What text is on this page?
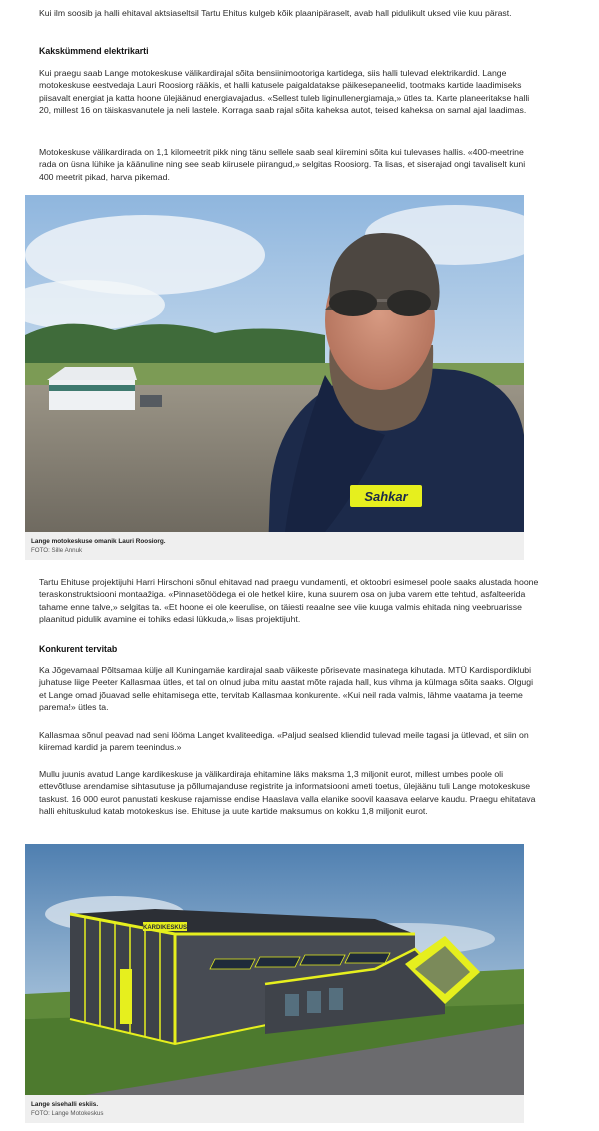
Kui ilm soosib ja halli ehitaval aktsiaseltsil Tartu Ehitus kulgeb kõik plaanipäraselt, avab hall pidulikult uksed viie kuu pärast.

Kakskümmend elektrikarti

Kui praegu saab Lange motokeskuse välikardirajal sõita bensiinimootoriga kartidega, siis halli tulevad elektrikardid. Lange motokeskuse eestvedaja Lauri Roosiorg rääkis, et halli katusele paigaldatakse päikesepaneelid, tootmaks kartide laadimiseks piisavalt energiat ja katta hoone ülejäänud energiavajadus. «Sellest tuleb liginullenergiamaja,» ütles ta. Karte planeeritakse halli 20, millest 16 on täiskasvanutele ja neli lastele. Korraga saab rajal sõita kaheksa autot, teised kaheksa on samal ajal laadimas.

Motokeskuse välikardirada on 1,1 kilomeetrit pikk ning tänu sellele saab seal kiiremini sõita kui tulevases hallis. «400-meetrine rada on üsna lühike ja käänuline ning see seab kiirusele piirangud,» selgitas Roosiorg. Ta lisas, et siserajad ongi tavaliselt kuni 400 meetrit pikad, harva pikemad.

Sahkar
Lange motokeskuse omanik Lauri Roosiorg.
FOTO: Sille Annuk

Tartu Ehituse projektijuhi Harri Hirschoni sõnul ehitavad nad praegu vundamenti, et oktoobri esimesel poole saaks alustada hoone teraskonstruktsiooni montaažiga. «Pinnasetöödega ei ole hetkel kiire, kuna suurem osa on juba varem ette tehtud, asfalteerida tahame enne talve,» selgitas ta. «Et hoone ei ole keerulise, on täiesti reaalne see viie kuuga valmis ehitada ning veebruarisse plaanitud pidulik avamine ei tohiks edasi lükkuda,» lisas projektijuht.

Konkurent tervitab

Ka Jõgevamaal Põltsamaa külje all Kuningamäe kardirajal saab väikeste põrisevate masinatega kihutada. MTÜ Kardispordiklubi juhatuse liige Peeter Kallasmaa ütles, et tal on olnud juba mitu aastat mõte rajada hall, kus vihma ja külmaga sõita saaks. Olgugi et Lange omad jõuavad selle ehitamisega ette, tervitab Kallasmaa konkurente. «Kui neil rada valmis, lähme vaatama ja teeme parema!» ütles ta.

Kallasmaa sõnul peavad nad seni lööma Langet kvaliteediga. «Paljud sealsed kliendid tulevad meile tagasi ja ütlevad, et siin on kiiremad kardid ja parem teenindus.»

Mullu juunis avatud Lange kardikeskuse ja välikardiraja ehitamine läks maksma 1,3 miljonit eurot, millest umbes poole oli ettevõtluse arendamise sihtasutuse ja põllumajanduse registrite ja informatsiooni ameti toetus, ülejäänu tuli Lange motokeskuse taskust. 16 000 eurot panustati keskuse rajamisse endise Haaslava valla elanike soovil kaasava eelarve kaudu. Praegu ehitatava halli ehituskulud katab motokeskus ise. Ehituse ja uute kartide maksumus on kokku 1,8 miljonit eurot.

KARDIKESKUS
Lange sisehalli eskiis.
FOTO: Lange Motokeskus
